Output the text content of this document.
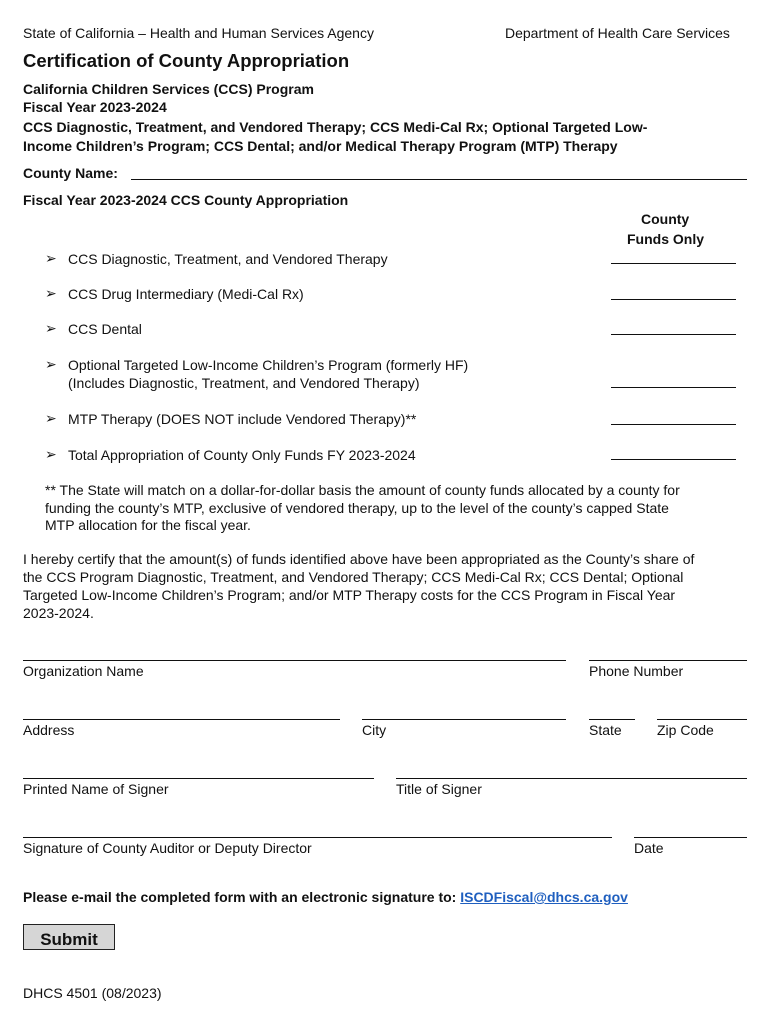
State of California – Health and Human Services Agency	Department of Health Care Services
Certification of County Appropriation
California Children Services (CCS) Program
Fiscal Year 2023-2024
CCS Diagnostic, Treatment, and Vendored Therapy; CCS Medi-Cal Rx; Optional Targeted Low-
Income Children’s Program; CCS Dental; and/or Medical Therapy Program (MTP) Therapy
County Name:
Fiscal Year 2023-2024 CCS County Appropriation
County
Funds Only
➢ CCS Diagnostic, Treatment, and Vendored Therapy
➢ CCS Drug Intermediary (Medi-Cal Rx)
➢ CCS Dental
➢ Optional Targeted Low-Income Children’s Program (formerly HF)
(Includes Diagnostic, Treatment, and Vendored Therapy)
➢ MTP Therapy (DOES NOT include Vendored Therapy)**
➢ Total Appropriation of County Only Funds FY 2023-2024
** The State will match on a dollar-for-dollar basis the amount of county funds allocated by a county for
funding the county’s MTP, exclusive of vendored therapy, up to the level of the county’s capped State
MTP allocation for the fiscal year.
I hereby certify that the amount(s) of funds identified above have been appropriated as the County’s share of
the CCS Program Diagnostic, Treatment, and Vendored Therapy; CCS Medi-Cal Rx; CCS Dental; Optional
Targeted Low-Income Children’s Program; and/or MTP Therapy costs for the CCS Program in Fiscal Year
2023-2024.
Organization Name	Phone Number
Address	City	State	Zip Code
Printed Name of Signer	Title of Signer
Signature of County Auditor or Deputy Director	Date
Please e-mail the completed form with an electronic signature to: ISCDFiscal@dhcs.ca.gov
Submit
DHCS 4501 (08/2023)
